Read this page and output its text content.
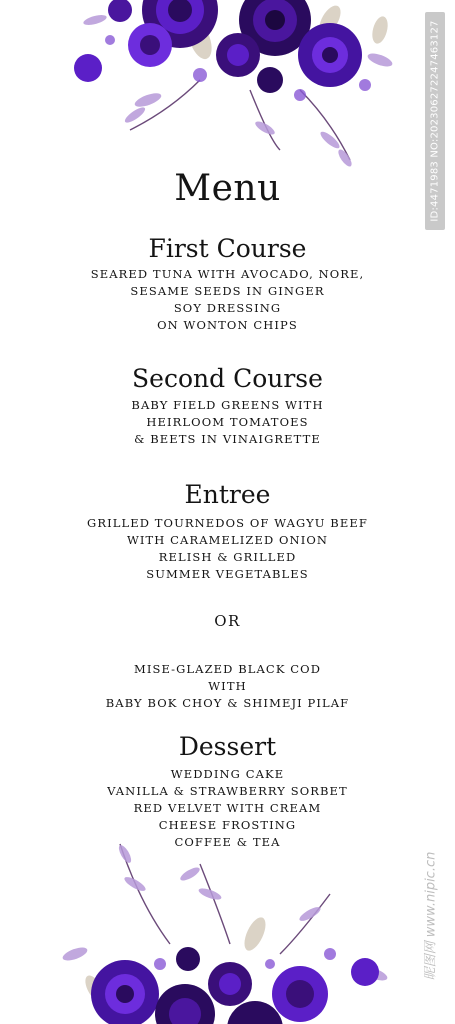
Menu
First Course
SEARED TUNA WITH AVOCADO, NORE,
SESAME SEEDS IN GINGER
SOY DRESSING
ON WONTON CHIPS
Second Course
BABY FIELD GREENS WITH
HEIRLOOM TOMATOES
& BEETS IN VINAIGRETTE
Entree
GRILLED TOURNEDOS OF WAGYU BEEF
WITH CARAMELIZED ONION
RELISH & GRILLED
SUMMER VEGETABLES
OR
MISE-GLAZED BLACK COD
WITH
BABY BOK CHOY & SHIMEJI PILAF
Dessert
WEDDING CAKE
VANILLA & STRAWBERRY SORBET
RED VELVET WITH CREAM
CHEESE FROSTING
COFFEE & TEA
ID:4471983 NO:20230627224746312​7
昵图网 www.nipic.cn
